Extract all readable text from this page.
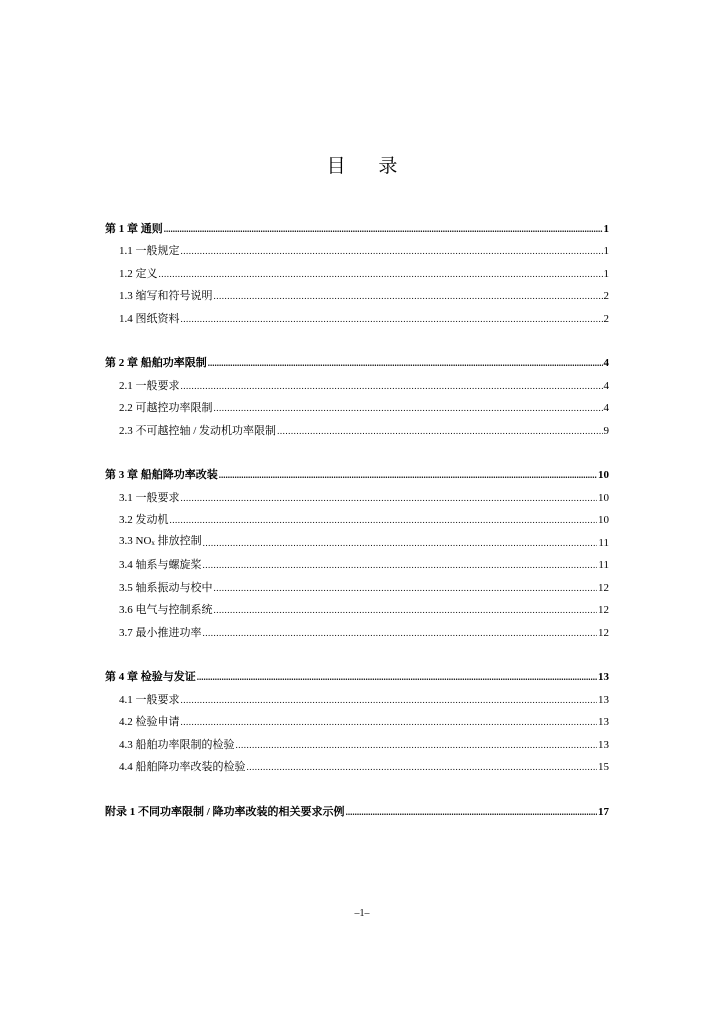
目 录
第 1 章 通则 .....	1
1.1 一般规定 .....	1
1.2 定义 .....	1
1.3 缩写和符号说明 .....	2
1.4 图纸资料 .....	2
第 2 章 船舶功率限制 .....	4
2.1 一般要求 .....	4
2.2 可越控功率限制 .....	4
2.3 不可越控轴 / 发动机功率限制 .....	9
第 3 章 船舶降功率改装 .....	10
3.1 一般要求 .....	10
3.2 发动机 .....	10
3.3 $NO_x$ 排放控制 .....	11
3.4 轴系与螺旋桨 .....	11
3.5 轴系振动与校中 .....	12
3.6 电气与控制系统 .....	12
3.7 最小推进功率 .....	12
第 4 章 检验与发证 .....	13
4.1 一般要求 .....	13
4.2 检验申请 .....	13
4.3 船舶功率限制的检验 .....	13
4.4 船舶降功率改装的检验 .....	15
附录 1 不同功率限制 / 降功率改装的相关要求示例 .....	17
–1–
